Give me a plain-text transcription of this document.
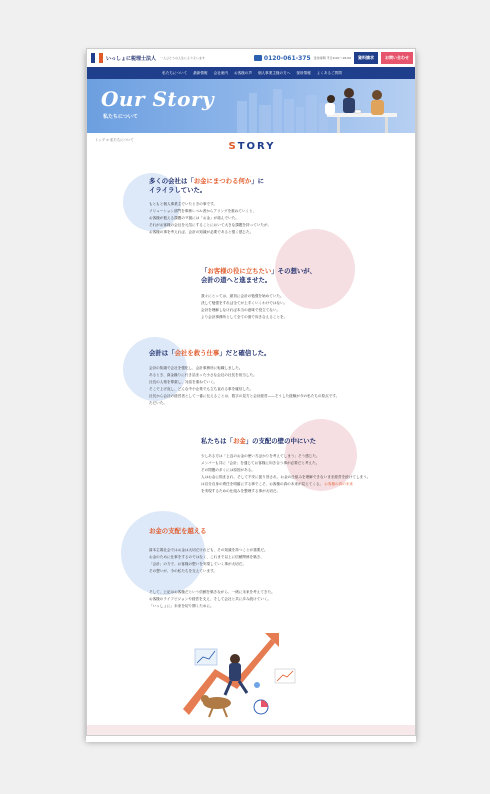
いっしょに税理士法人 一人ひとりの人生によりそいます	0120-061-375 受付時間 平日9:00〜18:00	資料請求	お問い合わせ
私たちについて 最新情報 会社案内 お客様の声 個人事業主様の方へ 採用情報 よくあるご質問
Our Story
私たちについて
トップ > 私たちについて
STORY
多くの会社は「お金にまつわる何か」に
イライラしていた。
もともと個人事業主でいたときの事です。
ソリューション部門を事務レベル者からアリングを重ねていくと、
お客様が抱える課題の９割には「お金」が絡んでいた。
それがお客様の会社を元気にすることにおいて大きな課題を持っていたが、
お客様の事を考えれば、会計の知識が必要であると強く感じた。
「お客様の役に立ちたい」その想いが、
会計の道へと進ませた。
我々にとっては、最初に会計の勉強を始めていた。
決して勉強をすれば全てが上手くいくわけではない。
会計を理解しなければ本当の意味で役立てない。
より会計事務所として全ての面で向き合えることを。
会計は「会社を救う仕事」だと確信した。
会計の知識で会社を強化し、会計事務所に転職しました。
あるとき、資金繰りに行き詰まった小さな会社の社長を担当した。
社長の人格を尊重し、対話を重ねていく。
そこで上げ直し、どんな中小企業でも立ち直れる事を確信した。
社長から会社の経営者として一番に伝えることは、数字の見方と会計経営——そうした経験が今の私たちの原点です。
ただいた。
私たちは「お金」の支配の壁の中にいた
少しある方は「上辺のお金の使い方ばかりを考えてしまう」そう感じた。
メンバーも共に「会計」を通じてお客様に向き合う事が必要だと考えた。
その問題の多くには原因がある。
人はお金に悩まされ、そして不安に振り回され、お金の仕組みを理解できないまま経営を続けてしまう。
は自分自身の責任を明確にする事でこそ、お客様の真の未来が見えてくる。 お客様の真の未来
を実現するための仕組みを整理する事が大切だ。
お金の支配を越える
資本主義社会ではお金は大切だけれども、その知識を持つことが重要だ。
お金のために仕事をするのではなく、これまで以上に信頼関係を築き、
「会計」の力で、お客様の想いを実現していく事が大切だ。
その想いが、今の私たちを支えています。
そして、上記はお客様だという信頼を築きながら、一緒に未来を考えてきた。
お客様のライフビジョンや経営を支え、そして会社と共に歩み続けていく。
「いっしょに」未来を切り開くために。
